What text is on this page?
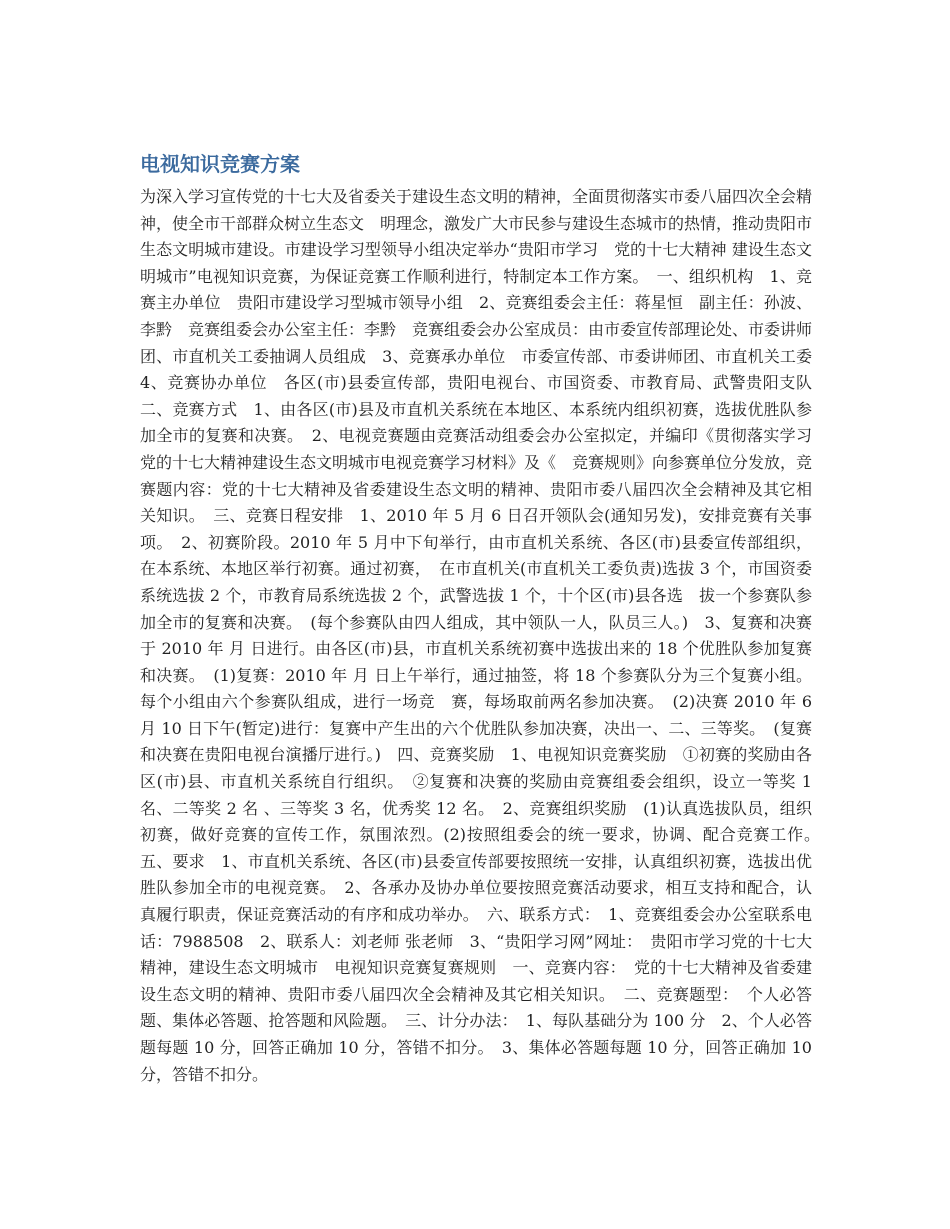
电视知识竞赛方案

为深入学习宣传党的十七大及省委关于建设生态文明的精神，全面贯彻落实市委八届四次全会精神，使全市干部群众树立生态文　明理念，激发广大市民参与建设生态城市的热情，推动贵阳市生态文明城市建设。市建设学习型领导小组决定举办“贵阳市学习　党的十七大精神 建设生态文明城市”电视知识竞赛，为保证竞赛工作顺利进行，特制定本工作方案。　一、组织机构　1、竞赛主办单位　贵阳市建设学习型城市领导小组　2、竞赛组委会主任：蒋星恒　副主任：孙波、李黔　竞赛组委会办公室主任：李黔　竞赛组委会办公室成员：由市委宣传部理论处、市委讲师团、市直机关工委抽调人员组成　3、竞赛承办单位　市委宣传部、市委讲师团、市直机关工委　4、竞赛协办单位　各区(市)县委宣传部，贵阳电视台、市国资委、市教育局、武警贵阳支队　二、竞赛方式　1、由各区(市)县及市直机关系统在本地区、本系统内组织初赛，选拔优胜队参加全市的复赛和决赛。　2、电视竞赛题由竞赛活动组委会办公室拟定，并编印《贯彻落实学习党的十七大精神建设生态文明城市电视竞赛学习材料》及《　竞赛规则》向参赛单位分发放，竞赛题内容：党的十七大精神及省委建设生态文明的精神、贵阳市委八届四次全会精神及其它相　关知识。　三、竞赛日程安排　1、2010 年 5 月 6 日召开领队会(通知另发)，安排竞赛有关事项。　2、初赛阶段。2010 年 5 月中下旬举行，由市直机关系统、各区(市)县委宣传部组织，在本系统、本地区举行初赛。通过初赛，　在市直机关(市直机关工委负责)选拔 3 个，市国资委系统选拔 2 个，市教育局系统选拔 2 个，武警选拔 1 个，十个区(市)县各选　拔一个参赛队参加全市的复赛和决赛。　(每个参赛队由四人组成，其中领队一人，队员三人。)　3、复赛和决赛于 2010 年 月 日进行。由各区(市)县，市直机关系统初赛中选拔出来的 18 个优胜队参加复赛和决赛。　(1)复赛：2010 年 月 日上午举行，通过抽签，将 18 个参赛队分为三个复赛小组。每个小组由六个参赛队组成，进行一场竞　赛，每场取前两名参加决赛。　(2)决赛 2010 年 6 月 10 日下午(暂定)进行：复赛中产生出的六个优胜队参加决赛，决出一、二、三等奖。　(复赛和决赛在贵阳电视台演播厅进行。)　四、竞赛奖励　1、电视知识竞赛奖励　①初赛的奖励由各区(市)县、市直机关系统自行组织。　②复赛和决赛的奖励由竞赛组委会组织，设立一等奖 1 名、二等奖 2 名 、三等奖 3 名，优秀奖 12 名。　2、竞赛组织奖励　(1)认真选拔队员，组织初赛，做好竞赛的宣传工作，氛围浓烈。(2)按照组委会的统一要求，协调、配合竞赛工作。　五、要求　1、市直机关系统、各区(市)县委宣传部要按照统一安排，认真组织初赛，选拔出优胜队参加全市的电视竞赛。　2、各承办及协办单位要按照竞赛活动要求，相互支持和配合，认真履行职责，保证竞赛活动的有序和成功举办。　六、联系方式：　1、竞赛组委会办公室联系电话：7988508　2、联系人：刘老师 张老师　3、“贵阳学习网”网址：　贵阳市学习党的十七大精神，建设生态文明城市　电视知识竞赛复赛规则　一、竞赛内容：　党的十七大精神及省委建设生态文明的精神、贵阳市委八届四次全会精神及其它相关知识。　二、竞赛题型：　个人必答题、集体必答题、抢答题和风险题。　三、计分办法：　1、每队基础分为 100 分　2、个人必答题每题 10 分，回答正确加 10 分，答错不扣分。　3、集体必答题每题 10 分，回答正确加 10 分，答错不扣分。
